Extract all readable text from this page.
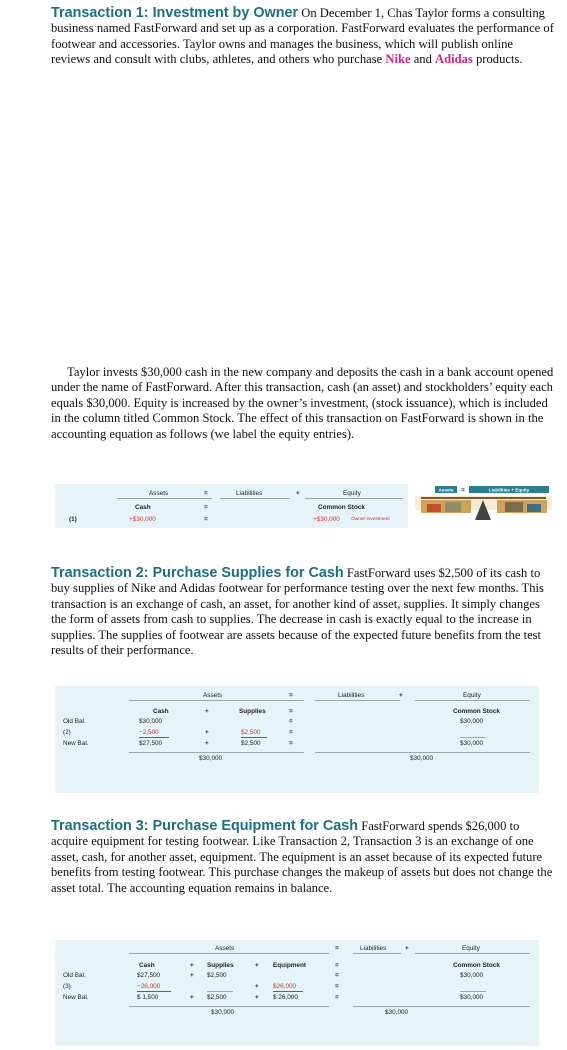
Transaction 1: Investment by Owner On December 1, Chas Taylor forms a consulting business named FastForward and set up as a corporation. FastForward evaluates the performance of footwear and accessories. Taylor owns and manages the business, which will publish online reviews and consult with clubs, athletes, and others who purchase Nike and Adidas products.
Taylor invests $30,000 cash in the new company and deposits the cash in a bank account opened under the name of FastForward. After this transaction, cash (an asset) and stockholders’ equity each equals $30,000. Equity is increased by the owner’s investment, (stock issuance), which is included in the column titled Common Stock. The effect of this transaction on FastForward is shown in the accounting equation as follows (we label the equity entries).
Assets	=	Liabilities	+	Equity
Cash	=	Common Stock
(1)	+$30,000	=	+$30,000 Owner investment
Assets =	Liabilities + Equity
Transaction 2: Purchase Supplies for Cash FastForward uses $2,500 of its cash to buy supplies of Nike and Adidas footwear for performance testing over the next few months. This transaction is an exchange of cash, an asset, for another kind of asset, supplies. It simply changes the form of assets from cash to supplies. The decrease in cash is exactly equal to the increase in supplies. The supplies of footwear are assets because of the expected future benefits from the test results of their performance.
Assets	=	Liabilities	+	Equity
Cash	+	Supplies	=	Common Stock
Old Bal.	$30,000	=	$30,000
(2)	−2,500	+	$2,500	=
New Bal.	$27,500	+	$2,500	=	$30,000
$30,000	$30,000
Transaction 3: Purchase Equipment for Cash FastForward spends $26,000 to acquire equipment for testing footwear. Like Transaction 2, Transaction 3 is an exchange of one asset, cash, for another asset, equipment. The equipment is an asset because of its expected future benefits from testing footwear. This purchase changes the makeup of assets but does not change the asset total. The accounting equation remains in balance.
Assets	=	Liabilities	+	Equity
Cash	+ Supplies	+ Equipment	=	Common Stock
Old Bal.	$27,500	+ $2,500	=	$30,000
(3)	−26,000	+ $26,000	=
New Bal.	$ 1,500	+ $2,500	+ $ 26,000	=	$30,000
$30,000	$30,000
